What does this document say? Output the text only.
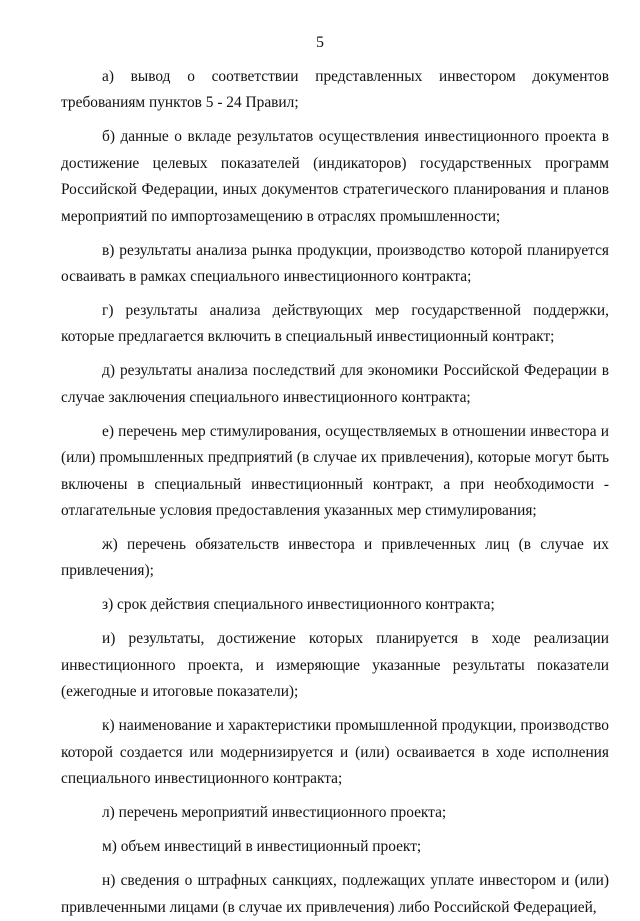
5

а) вывод о соответствии представленных инвестором документов требованиям пунктов 5 - 24 Правил;

б) данные о вкладе результатов осуществления инвестиционного проекта в достижение целевых показателей (индикаторов) государственных программ Российской Федерации, иных документов стратегического планирования и планов мероприятий по импортозамещению в отраслях промышленности;

в) результаты анализа рынка продукции, производство которой планируется осваивать в рамках специального инвестиционного контракта;

г) результаты анализа действующих мер государственной поддержки, которые предлагается включить в специальный инвестиционный контракт;

д) результаты анализа последствий для экономики Российской Федерации в случае заключения специального инвестиционного контракта;

е) перечень мер стимулирования, осуществляемых в отношении инвестора и (или) промышленных предприятий (в случае их привлечения), которые могут быть включены в специальный инвестиционный контракт, а при необходимости - отлагательные условия предоставления указанных мер стимулирования;

ж) перечень обязательств инвестора и привлеченных лиц (в случае их привлечения);

з) срок действия специального инвестиционного контракта;

и) результаты, достижение которых планируется в ходе реализации инвестиционного проекта, и измеряющие указанные результаты показатели (ежегодные и итоговые показатели);

к) наименование и характеристики промышленной продукции, производство которой создается или модернизируется и (или) осваивается в ходе исполнения специального инвестиционного контракта;

л) перечень мероприятий инвестиционного проекта;

м) объем инвестиций в инвестиционный проект;

н) сведения о штрафных санкциях, подлежащих уплате инвестором и (или) привлеченными лицами (в случае их привлечения) либо Российской Федерацией,
